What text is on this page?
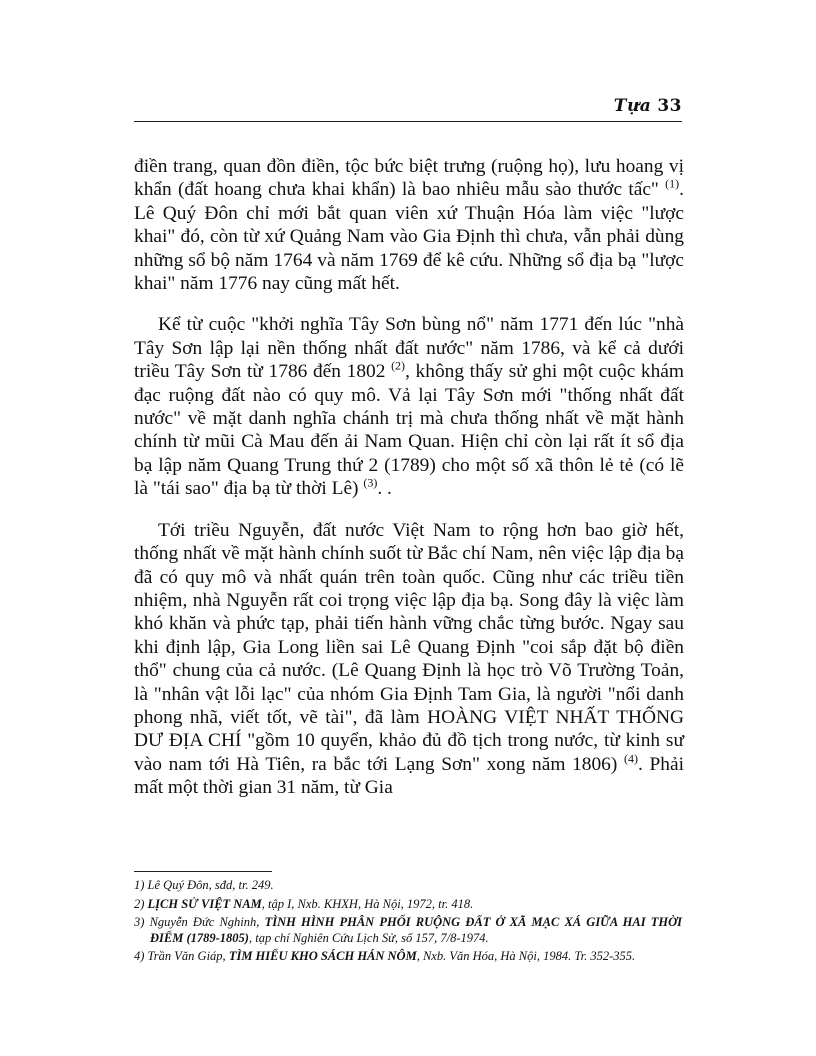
Tựa 33

điền trang, quan đồn điền, tộc bức biệt trưng (ruộng họ), lưu hoang vị khẩn (đất hoang chưa khai khẩn) là bao nhiêu mẫu sào thước tấc" $^{(1)}$. Lê Quý Đôn chỉ mới bắt quan viên xứ Thuận Hóa làm việc "lược khai" đó, còn từ xứ Quảng Nam vào Gia Định thì chưa, vẫn phải dùng những sổ bộ năm 1764 và năm 1769 để kê cứu. Những sổ địa bạ "lược khai" năm 1776 nay cũng mất hết.

Kể từ cuộc "khởi nghĩa Tây Sơn bùng nổ" năm 1771 đến lúc "nhà Tây Sơn lập lại nền thống nhất đất nước" năm 1786, và kể cả dưới triều Tây Sơn từ 1786 đến 1802 $^{(2)}$, không thấy sử ghi một cuộc khám đạc ruộng đất nào có quy mô. Vả lại Tây Sơn mới "thống nhất đất nước" về mặt danh nghĩa chánh trị mà chưa thống nhất về mặt hành chính từ mũi Cà Mau đến ải Nam Quan. Hiện chỉ còn lại rất ít sổ địa bạ lập năm Quang Trung thứ 2 (1789) cho một số xã thôn lẻ tẻ (có lẽ là "tái sao" địa bạ từ thời Lê) $^{(3)}$. .

Tới triều Nguyễn, đất nước Việt Nam to rộng hơn bao giờ hết, thống nhất về mặt hành chính suốt từ Bắc chí Nam, nên việc lập địa bạ đã có quy mô và nhất quán trên toàn quốc. Cũng như các triều tiền nhiệm, nhà Nguyễn rất coi trọng việc lập địa bạ. Song đây là việc làm khó khăn và phức tạp, phải tiến hành vững chắc từng bước. Ngay sau khi định lập, Gia Long liền sai Lê Quang Định "coi sắp đặt bộ điền thổ" chung của cả nước. (Lê Quang Định là học trò Võ Trường Toản, là "nhân vật lỗi lạc" của nhóm Gia Định Tam Gia, là người "nổi danh phong nhã, viết tốt, vẽ tài", đã làm HOÀNG VIỆT NHẤT THỐNG DƯ ĐỊA CHÍ "gồm 10 quyển, khảo đủ đồ tịch trong nước, từ kinh sư vào nam tới Hà Tiên, ra bắc tới Lạng Sơn" xong năm 1806) $^{(4)}$. Phải mất một thời gian 31 năm, từ Gia

1) Lê Quý Đôn, sđd, tr. 249.

2) LỊCH SỬ VIỆT NAM, tập I, Nxb. KHXH, Hà Nội, 1972, tr. 418.

3) Nguyễn Đức Nghinh, TÌNH HÌNH PHÂN PHỐI RUỘNG ĐẤT Ở XÃ MẠC XÁ GIỮA HAI THỜI ĐIỂM (1789-1805), tạp chí Nghiên Cứu Lịch Sử, số 157, 7/8-1974.

4) Trần Văn Giáp, TÌM HIỂU KHO SÁCH HÁN NÔM, Nxb. Văn Hóa, Hà Nội, 1984. Tr. 352-355.
